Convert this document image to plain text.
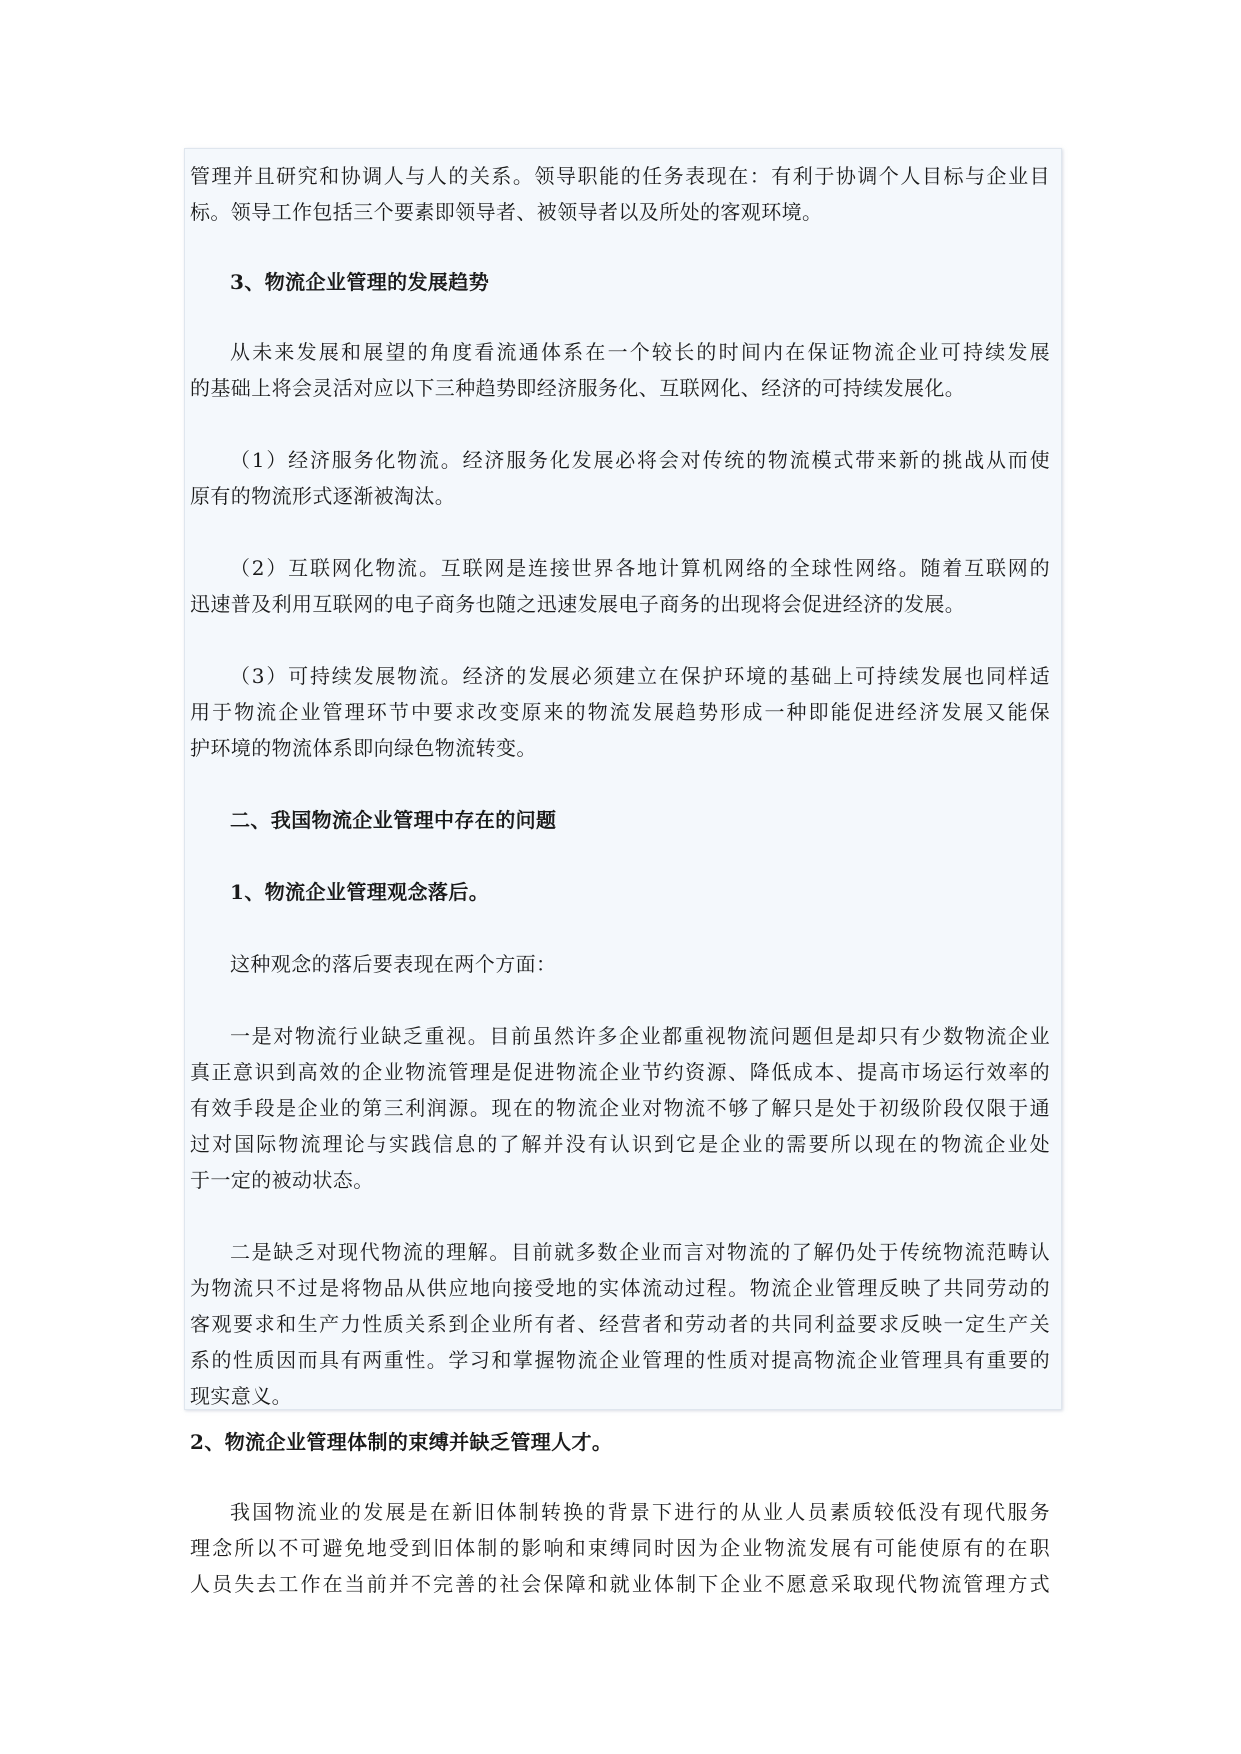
管理并且研究和协调人与人的关系。领导职能的任务表现在：有利于协调个人目标与企业目
标。领导工作包括三个要素即领导者、被领导者以及所处的客观环境。
3、物流企业管理的发展趋势
从未来发展和展望的角度看流通体系在一个较长的时间内在保证物流企业可持续发展
的基础上将会灵活对应以下三种趋势即经济服务化、互联网化、经济的可持续发展化。
（1）经济服务化物流。经济服务化发展必将会对传统的物流模式带来新的挑战从而使
原有的物流形式逐渐被淘汰。
（2）互联网化物流。互联网是连接世界各地计算机网络的全球性网络。随着互联网的
迅速普及利用互联网的电子商务也随之迅速发展电子商务的出现将会促进经济的发展。
（3）可持续发展物流。经济的发展必须建立在保护环境的基础上可持续发展也同样适
用于物流企业管理环节中要求改变原来的物流发展趋势形成一种即能促进经济发展又能保
护环境的物流体系即向绿色物流转变。
二、我国物流企业管理中存在的问题
1、物流企业管理观念落后。
这种观念的落后要表现在两个方面：
一是对物流行业缺乏重视。目前虽然许多企业都重视物流问题但是却只有少数物流企业
真正意识到高效的企业物流管理是促进物流企业节约资源、降低成本、提高市场运行效率的
有效手段是企业的第三利润源。现在的物流企业对物流不够了解只是处于初级阶段仅限于通
过对国际物流理论与实践信息的了解并没有认识到它是企业的需要所以现在的物流企业处
于一定的被动状态。
二是缺乏对现代物流的理解。目前就多数企业而言对物流的了解仍处于传统物流范畴认
为物流只不过是将物品从供应地向接受地的实体流动过程。物流企业管理反映了共同劳动的
客观要求和生产力性质关系到企业所有者、经营者和劳动者的共同利益要求反映一定生产关
系的性质因而具有两重性。学习和掌握物流企业管理的性质对提高物流企业管理具有重要的
现实意义。
2、物流企业管理体制的束缚并缺乏管理人才。
我国物流业的发展是在新旧体制转换的背景下进行的从业人员素质较低没有现代服务
理念所以不可避免地受到旧体制的影响和束缚同时因为企业物流发展有可能使原有的在职
人员失去工作在当前并不完善的社会保障和就业体制下企业不愿意采取现代物流管理方式
